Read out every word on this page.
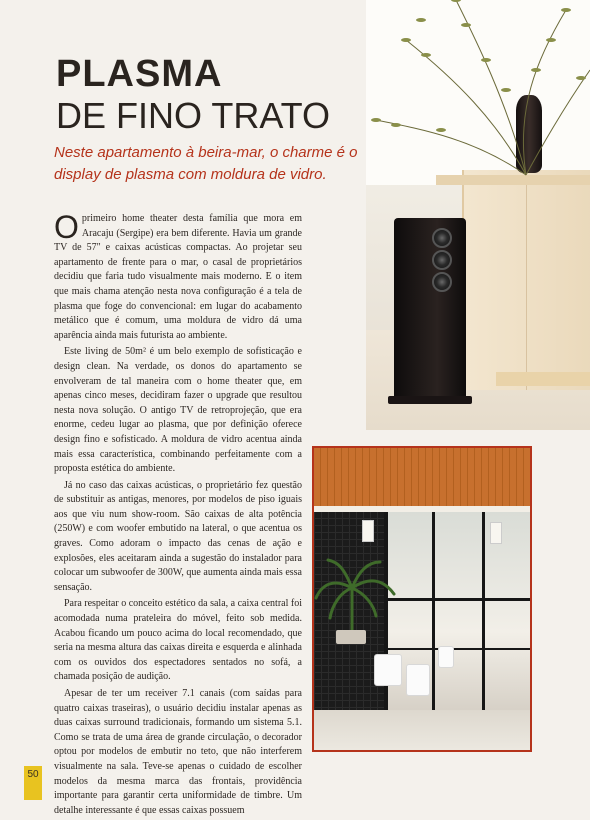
PLASMA
DE FINO TRATO
Neste apartamento à beira-mar, o charme é o display de plasma com moldura de vidro.

O primeiro home theater desta família que mora em Aracaju (Sergipe) era bem diferente. Havia um grande TV de 57" e caixas acústicas compactas. Ao projetar seu apartamento de frente para o mar, o casal de proprietários decidiu que faria tudo visualmente mais moderno. E o item que mais chama atenção nesta nova configuração é a tela de plasma que foge do convencional: em lugar do acabamento metálico que é comum, uma moldura de vidro dá uma aparência ainda mais futurista ao ambiente.

Este living de 50m² é um belo exemplo de sofisticação e design clean. Na verdade, os donos do apartamento se envolveram de tal maneira com o home theater que, em apenas cinco meses, decidiram fazer o upgrade que resultou nesta nova solução. O antigo TV de retroprojeção, que era enorme, cedeu lugar ao plasma, que por definição oferece design fino e sofisticado. A moldura de vidro acentua ainda mais essa característica, combinando perfeitamente com a proposta estética do ambiente.

Já no caso das caixas acústicas, o proprietário fez questão de substituir as antigas, menores, por modelos de piso iguais aos que viu num show-room. São caixas de alta potência (250W) e com woofer embutido na lateral, o que acentua os graves. Como adoram o impacto das cenas de ação e explosões, eles aceitaram ainda a sugestão do instalador para colocar um subwoofer de 300W, que aumenta ainda mais essa sensação.

Para respeitar o conceito estético da sala, a caixa central foi acomodada numa prateleira do móvel, feito sob medida. Acabou ficando um pouco acima do local recomendado, que seria na mesma altura das caixas direita e esquerda e alinhada com os ouvidos dos espectadores sentados no sofá, a chamada posição de audição.

Apesar de ter um receiver 7.1 canais (com saídas para quatro caixas traseiras), o usuário decidiu instalar apenas as duas caixas surround tradicionais, formando um sistema 5.1. Como se trata de uma área de grande circulação, o decorador optou por modelos de embutir no teto, que não interferem visualmente na sala. Teve-se apenas o cuidado de escolher modelos da mesma marca das frontais, providência importante para garantir certa uniformidade de timbre. Um detalhe interessante é que essas caixas possuem

50
